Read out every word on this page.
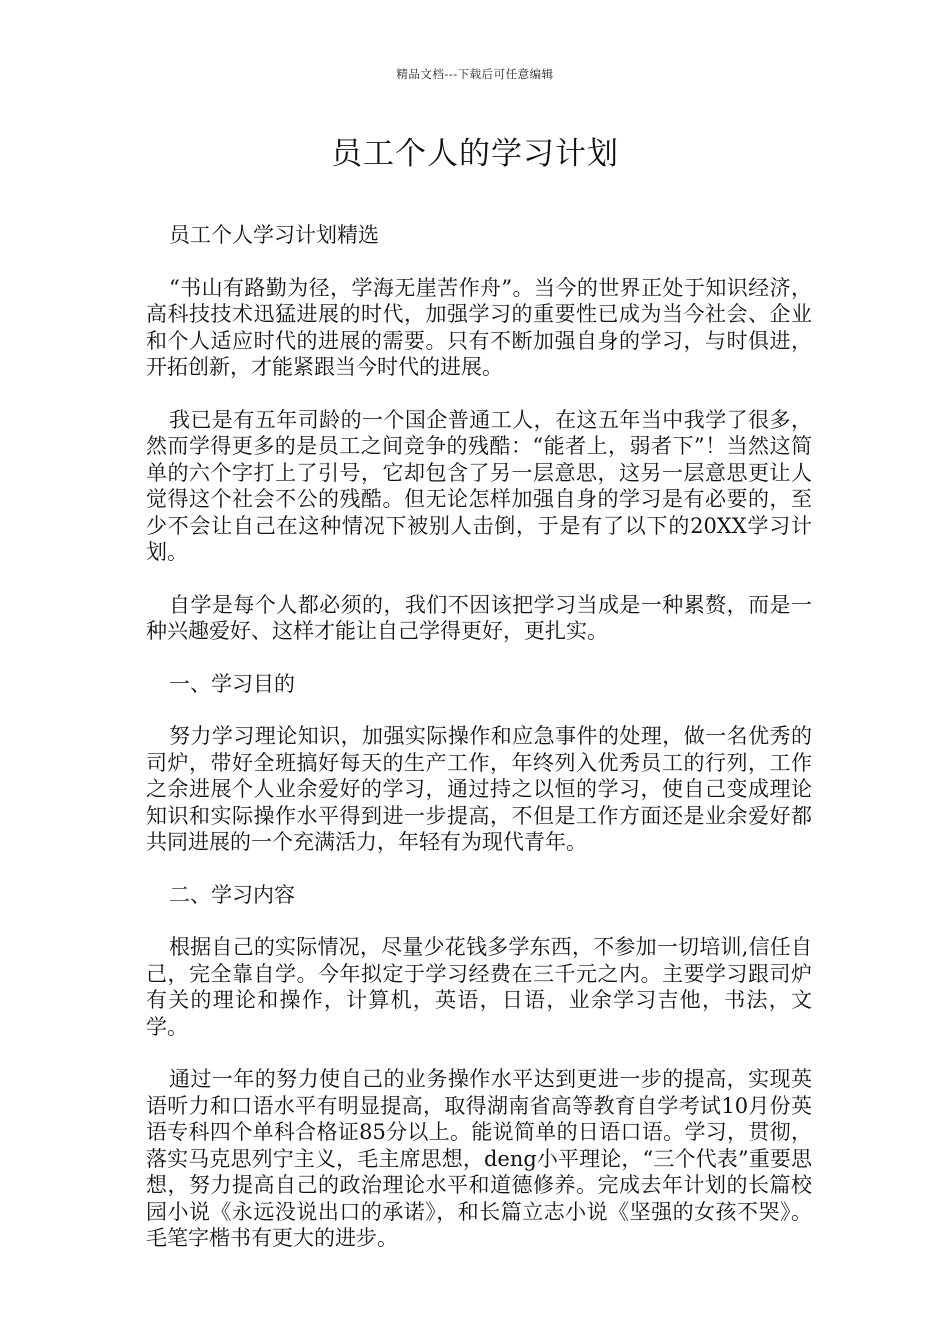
精品文档---下载后可任意编辑
员工个人的学习计划

员工个人学习计划精选

“书山有路勤为径，学海无崖苦作舟”。当今的世界正处于知识经济，高科技技术迅猛进展的时代，加强学习的重要性已成为当今社会、企业和个人适应时代的进展的需要。只有不断加强自身的学习，与时俱进，开拓创新，才能紧跟当今时代的进展。

我已是有五年司龄的一个国企普通工人，在这五年当中我学了很多，然而学得更多的是员工之间竞争的残酷：“能者上，弱者下”！当然这简单的六个字打上了引号，它却包含了另一层意思，这另一层意思更让人觉得这个社会不公的残酷。但无论怎样加强自身的学习是有必要的，至少不会让自己在这种情况下被别人击倒，于是有了以下的20XX学习计划。

自学是每个人都必须的，我们不因该把学习当成是一种累赘，而是一种兴趣爱好、这样才能让自己学得更好，更扎实。

一、学习目的

努力学习理论知识，加强实际操作和应急事件的处理，做一名优秀的司炉，带好全班搞好每天的生产工作，年终列入优秀员工的行列，工作之余进展个人业余爱好的学习，通过持之以恒的学习，使自己变成理论知识和实际操作水平得到进一步提高，不但是工作方面还是业余爱好都共同进展的一个充满活力，年轻有为现代青年。

二、学习内容

根据自己的实际情况，尽量少花钱多学东西，不参加一切培训,信任自己，完全靠自学。今年拟定于学习经费在三千元之内。主要学习跟司炉有关的理论和操作，计算机，英语，日语，业余学习吉他，书法，文学。

通过一年的努力使自己的业务操作水平达到更进一步的提高，实现英语听力和口语水平有明显提高，取得湖南省高等教育自学考试10月份英语专科四个单科合格证85分以上。能说简单的日语口语。学习，贯彻，落实马克思列宁主义，毛主席思想，deng小平理论，“三个代表”重要思想，努力提高自己的政治理论水平和道德修养。完成去年计划的长篇校园小说《永远没说出口的承诺》，和长篇立志小说《坚强的女孩不哭》。毛笔字楷书有更大的进步。
